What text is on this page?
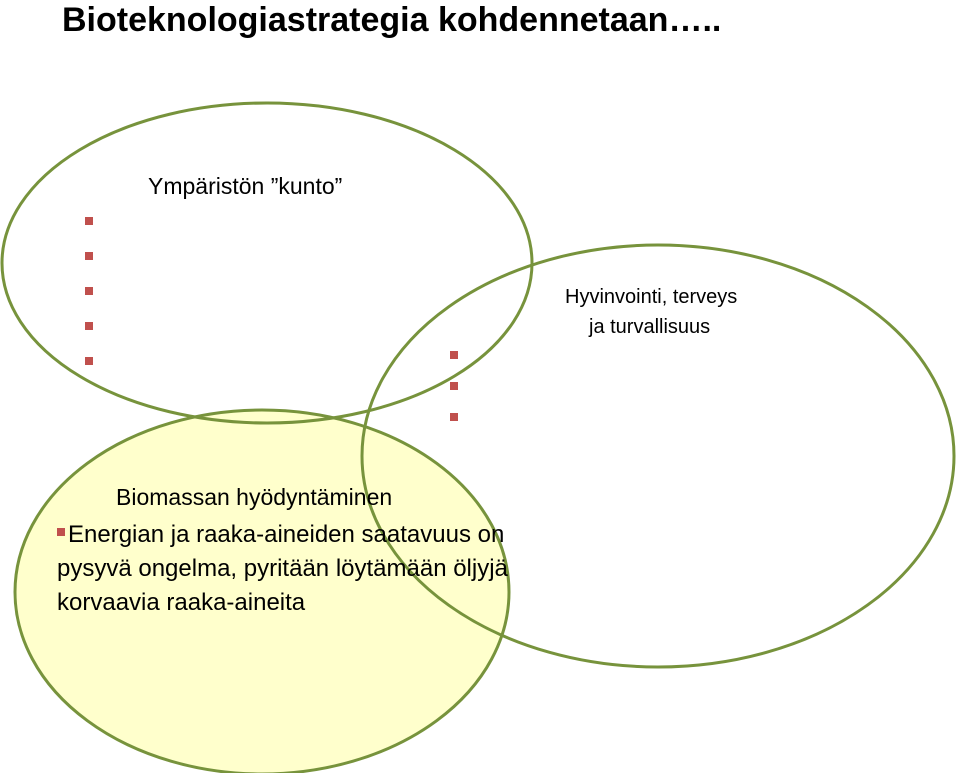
Bioteknologiastrategia kohdennetaan…..
Ympäristön ”kunto”
Hyvinvointi, terveys
ja turvallisuus
Biomassan hyödyntäminen
Energian ja raaka-aineiden saatavuus on pysyvä ongelma, pyritään löytämään öljyjä korvaavia raaka-aineita
